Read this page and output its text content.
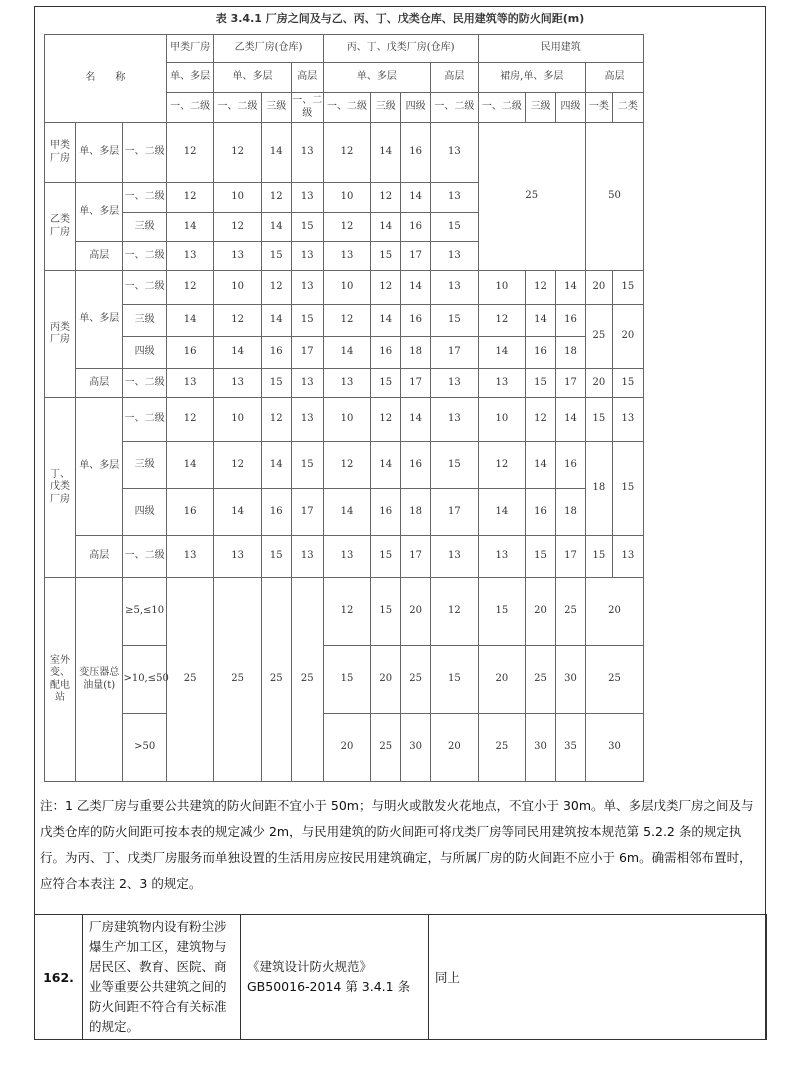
表 3.4.1 厂房之间及与乙、丙、丁、戊类仓库、民用建筑等的防火间距(m)
名　　称			甲类厂房	乙类厂房(仓库)			丙、丁、戊类厂房(仓库)				民用建筑				
			单、多层	单、多层		高层	单、多层			高层	裙房,单、多层			高层	
			一、二级	一、二级	三级	一、二级	一、二级	三级	四级	一、二级	一、二级	三级	四级	一类	二类
甲类厂房	单、多层	一、二级	12	12	14	13	12	14	16	13	25			50	
乙类厂房	单、多层	一、二级	12	10	12	13	10	12	14	13					
		三级	14	12	14	15	12	14	16	15					
	高层	一、二级	13	13	15	13	13	15	17	13					
丙类厂房	单、多层	一、二级	12	10	12	13	10	12	14	13	10	12	14	20	15
		三级	14	12	14	15	12	14	16	15	12	14	16	25	20
		四级	16	14	16	17	14	16	18	17	14	16	18		
	高层	一、二级	13	13	15	13	13	15	17	13	13	15	17	20	15
丁、戊类厂房	单、多层	一、二级	12	10	12	13	10	12	14	13	10	12	14	15	13
		三级	14	12	14	15	12	14	16	15	12	14	16	18	15
		四级	16	14	16	17	14	16	18	17	14	16	18		
	高层	一、二级	13	13	15	13	13	15	17	13	13	15	17	15	13
室外变、配电站	变压器总油量(t)	≥5,≤10	25	25	25	25	12	15	20	12	15	20	25	20	
		>10,≤50					15	20	25	15	20	25	30	25	
		>50					20	25	30	20	25	30	35	30	
注：1 乙类厂房与重要公共建筑的防火间距不宜小于 50m；与明火或散发火花地点，不宜小于 30m。单、多层戊类厂房之间及与戊类仓库的防火间距可按本表的规定减少 2m，与民用建筑的防火间距可将戊类厂房等同民用建筑按本规范第 5.2.2 条的规定执行。为丙、丁、戊类厂房服务而单独设置的生活用房应按民用建筑确定，与所属厂房的防火间距不应小于 6m。确需相邻布置时，应符合本表注 2、3 的规定。
162.	厂房建筑物内设有粉尘涉爆生产加工区，建筑物与居民区、教育、医院、商业等重要公共建筑之间的防火间距不符合有关标准的规定。	《建筑设计防火规范》GB50016-2014 第 3.4.1 条	同上
